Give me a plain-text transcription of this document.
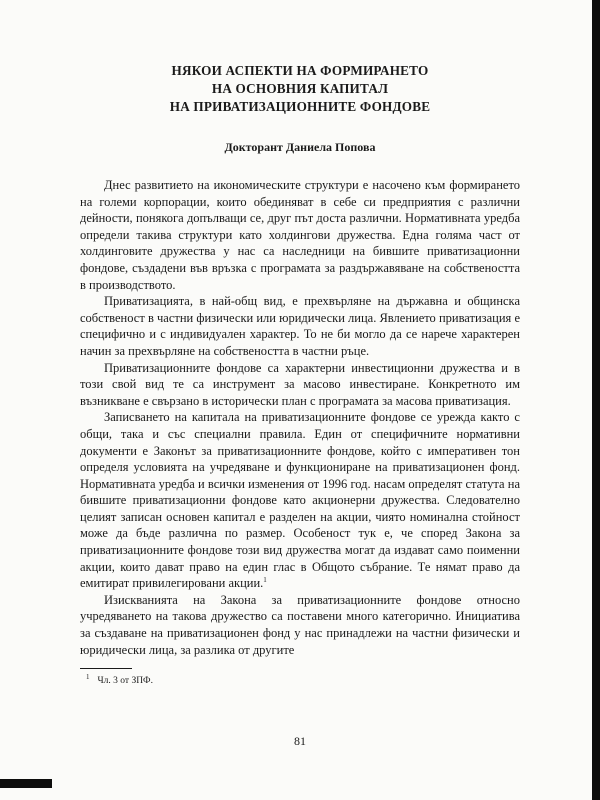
НЯКОИ АСПЕКТИ НА ФОРМИРАНЕТО
НА ОСНОВНИЯ КАПИТАЛ
НА ПРИВАТИЗАЦИОННИТЕ ФОНДОВЕ
Докторант Даниела Попова

Днес развитието на икономическите структури е насочено към формирането на големи корпорации, които обединяват в себе си предприятия с различни дейности, понякога допълващи се, друг път доста различни. Нормативната уредба определи такива структури като холдингови дружества. Една голяма част от холдинговите дружества у нас са наследници на бившите приватизационни фондове, създадени във връзка с програмата за раздържавяване на собствеността в производството.

Приватизацията, в най-общ вид, е прехвърляне на държавна и общинска собственост в частни физически или юридически лица. Явлението приватизация е специфично и с индивидуален характер. То не би могло да се нарече характерен начин за прехвърляне на собствеността в частни ръце.

Приватизационните фондове са характерни инвестиционни дружества и в този свой вид те са инструмент за масово инвестиране. Конкретното им възникване е свързано в исторически план с програмата за масова приватизация.

Записването на капитала на приватизационните фондове се урежда както с общи, така и със специални правила. Един от специфичните нормативни документи е Законът за приватизационните фондове, който с императивен тон определя условията на учредяване и функциониране на приватизационен фонд. Нормативната уредба и всички изменения от 1996 год. насам определят статута на бившите приватизационни фондове като акционерни дружества. Следователно целият записан основен капитал е разделен на акции, чиято номинална стойност може да бъде различна по размер. Особеност тук е, че според Закона за приватизационните фондове този вид дружества могат да издават само поименни акции, които дават право на един глас в Общото събрание. Те нямат право да емитират привилегировани акции.$^1$

Изискванията на Закона за приватизационните фондове относно учредяването на такова дружество са поставени много категорично. Инициатива за създаване на приватизационен фонд у нас принадлежи на частни физически и юридически лица, за разлика от другите

$^1$ Чл. 3 от ЗПФ.
81
